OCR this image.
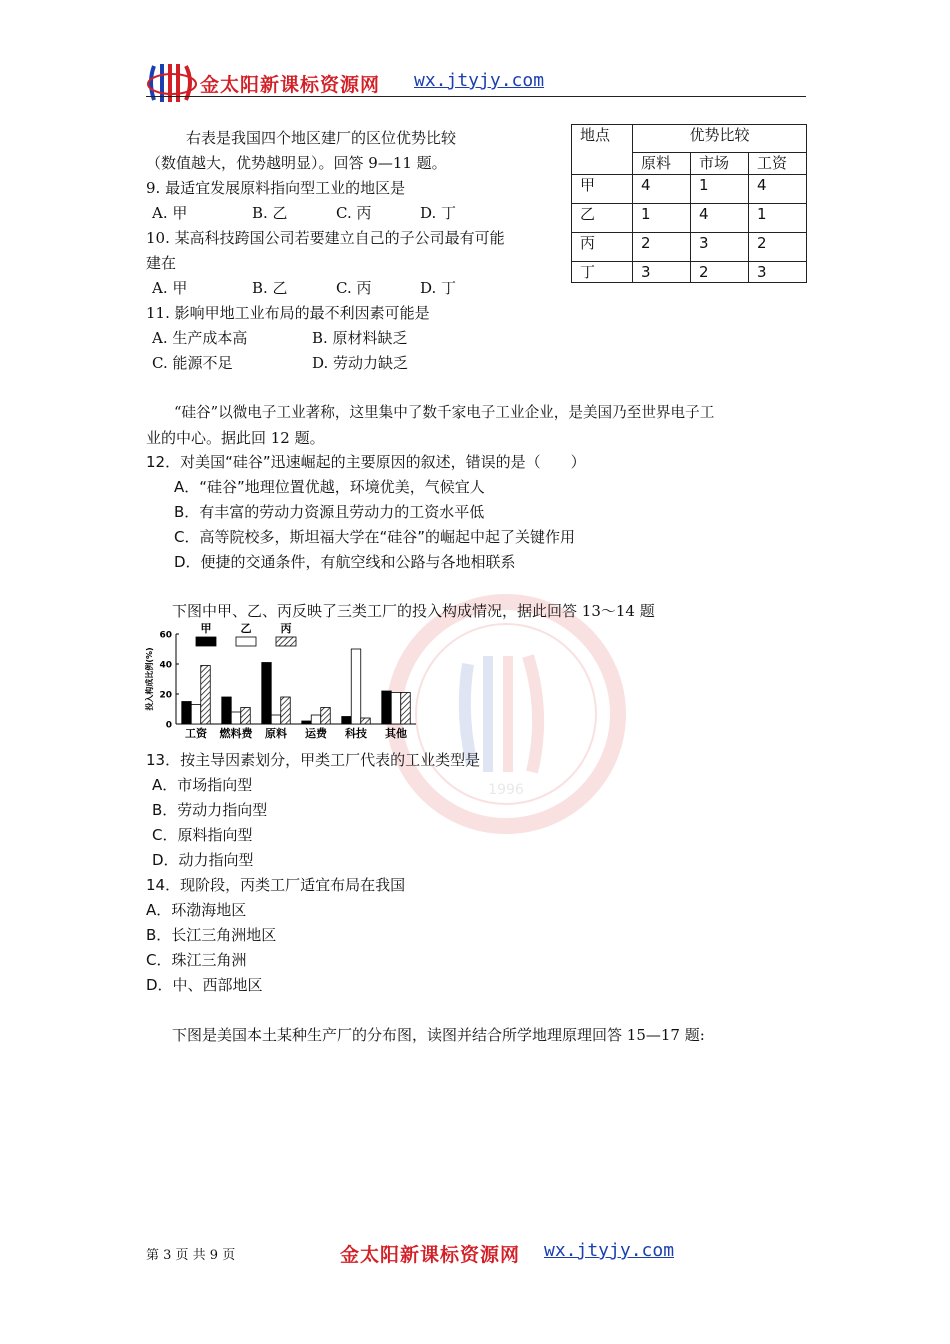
1996
金太阳新课标资源网 wx.jtyjy.com
右表是我国四个地区建厂的区位优势比较
（数值越大，优势越明显）。回答 9—11 题。
地点	优势比较		
	原料	市场	工资
甲	4	1	4
乙	1	4	1
丙	2	3	2
丁	3	2	3
9. 最适宜发展原料指向型工业的地区是
A. 甲	B. 乙	C. 丙	D. 丁
10. 某高科技跨国公司若要建立自己的子公司最有可能
建在
A. 甲	B. 乙	C. 丙	D. 丁
11. 影响甲地工业布局的最不利因素可能是
A. 生产成本高	B. 原材料缺乏
C. 能源不足	D. 劳动力缺乏
“硅谷”以微电子工业著称，这里集中了数千家电子工业企业，是美国乃至世界电子工
业的中心。据此回 12 题。
12．对美国“硅谷”迅速崛起的主要原因的叙述，错误的是（　　）
A．“硅谷”地理位置优越，环境优美，气候宜人
B．有丰富的劳动力资源且劳动力的工资水平低
C．高等院校多，斯坦福大学在“硅谷”的崛起中起了关键作用
D．便捷的交通条件，有航空线和公路与各地相联系
下图中甲、乙、丙反映了三类工厂的投入构成情况，据此回答 13～14 题
0
20
40
60
投入构成比例(%)
工资 燃料费 原料 运费 科技 其他
甲	乙	丙
13．按主导因素划分，甲类工厂代表的工业类型是
A．市场指向型
B．劳动力指向型
C．原料指向型
D．动力指向型
14．现阶段，丙类工厂适宜布局在我国
A．环渤海地区
B．长江三角洲地区
C．珠江三角洲
D．中、西部地区
下图是美国本土某种生产厂的分布图，读图并结合所学地理原理回答 15—17 题:
第 3 页 共 9 页	金太阳新课标资源网 wx.jtyjy.com
